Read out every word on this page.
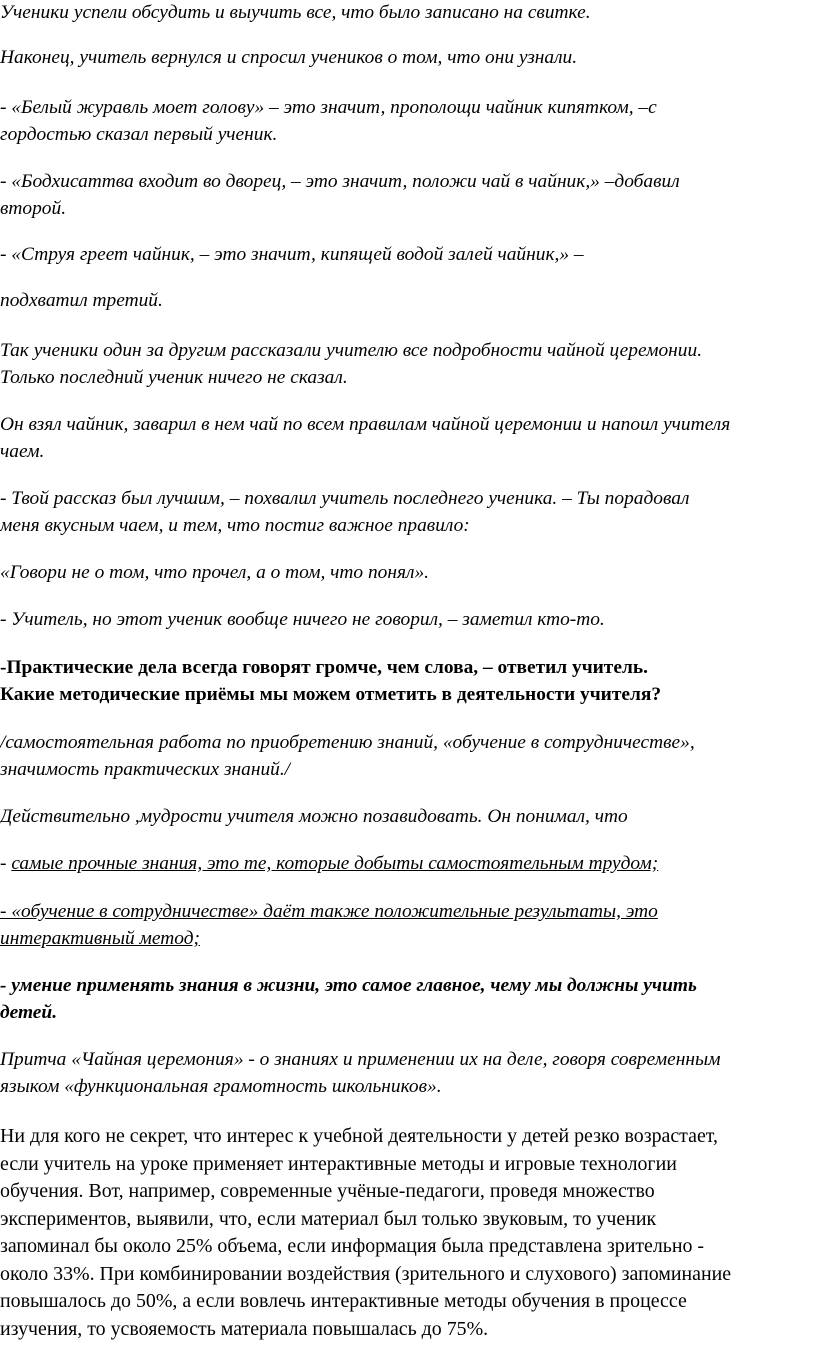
Ученики успели обсудить и выучить все, что было записано на свитке.

Наконец, учитель вернулся и спросил учеников о том, что они узнали.

- «Белый журавль моет голову» – это значит, прополощи чайник кипятком, –с
гордостью сказал первый ученик.

- «Бодхисаттва входит во дворец, – это значит, положи чай в чайник,» –добавил
второй.

- «Струя греет чайник, – это значит, кипящей водой залей чайник,» –

подхватил третий.

Так ученики один за другим рассказали учителю все подробности чайной церемонии.
Только последний ученик ничего не сказал.

Он взял чайник, заварил в нем чай по всем правилам чайной церемонии и напоил учителя
чаем.

- Твой рассказ был лучшим, – похвалил учитель последнего ученика. – Ты порадовал
меня вкусным чаем, и тем, что постиг важное правило:

«Говори не о том, что прочел, а о том, что понял».

- Учитель, но этот ученик вообще ничего не говорил, – заметил кто-то.

-Практические дела всегда говорят громче, чем слова, – ответил учитель.
Какие методические приёмы мы можем отметить в деятельности учителя?

/самостоятельная работа по приобретению знаний, «обучение в сотрудничестве»,
значимость практических знаний./

Действительно ,мудрости учителя можно позавидовать. Он понимал, что

- самые прочные знания, это те, которые добыты самостоятельным трудом;

- «обучение в сотрудничестве» даёт также положительные результаты, это
интерактивный метод;

- умение применять знания в жизни, это самое главное, чему мы должны учить
детей.

Притча «Чайная церемония» - о знаниях и применении их на деле, говоря современным
языком «функциональная грамотность школьников».

Ни для кого не секрет, что интерес к учебной деятельности у детей резко возрастает,
если учитель на уроке применяет интерактивные методы и игровые технологии
обучения. Вот, например, современные учёные-педагоги, проведя множество
экспериментов, выявили, что, если материал был только звуковым, то ученик
запоминал бы около 25% объема, если информация была представлена зрительно -
около 33%. При комбинировании воздействия (зрительного и слухового) запоминание
повышалось до 50%, а если вовлечь интерактивные методы обучения в процессе
изучения, то усвояемость материала повышалась до 75%.
